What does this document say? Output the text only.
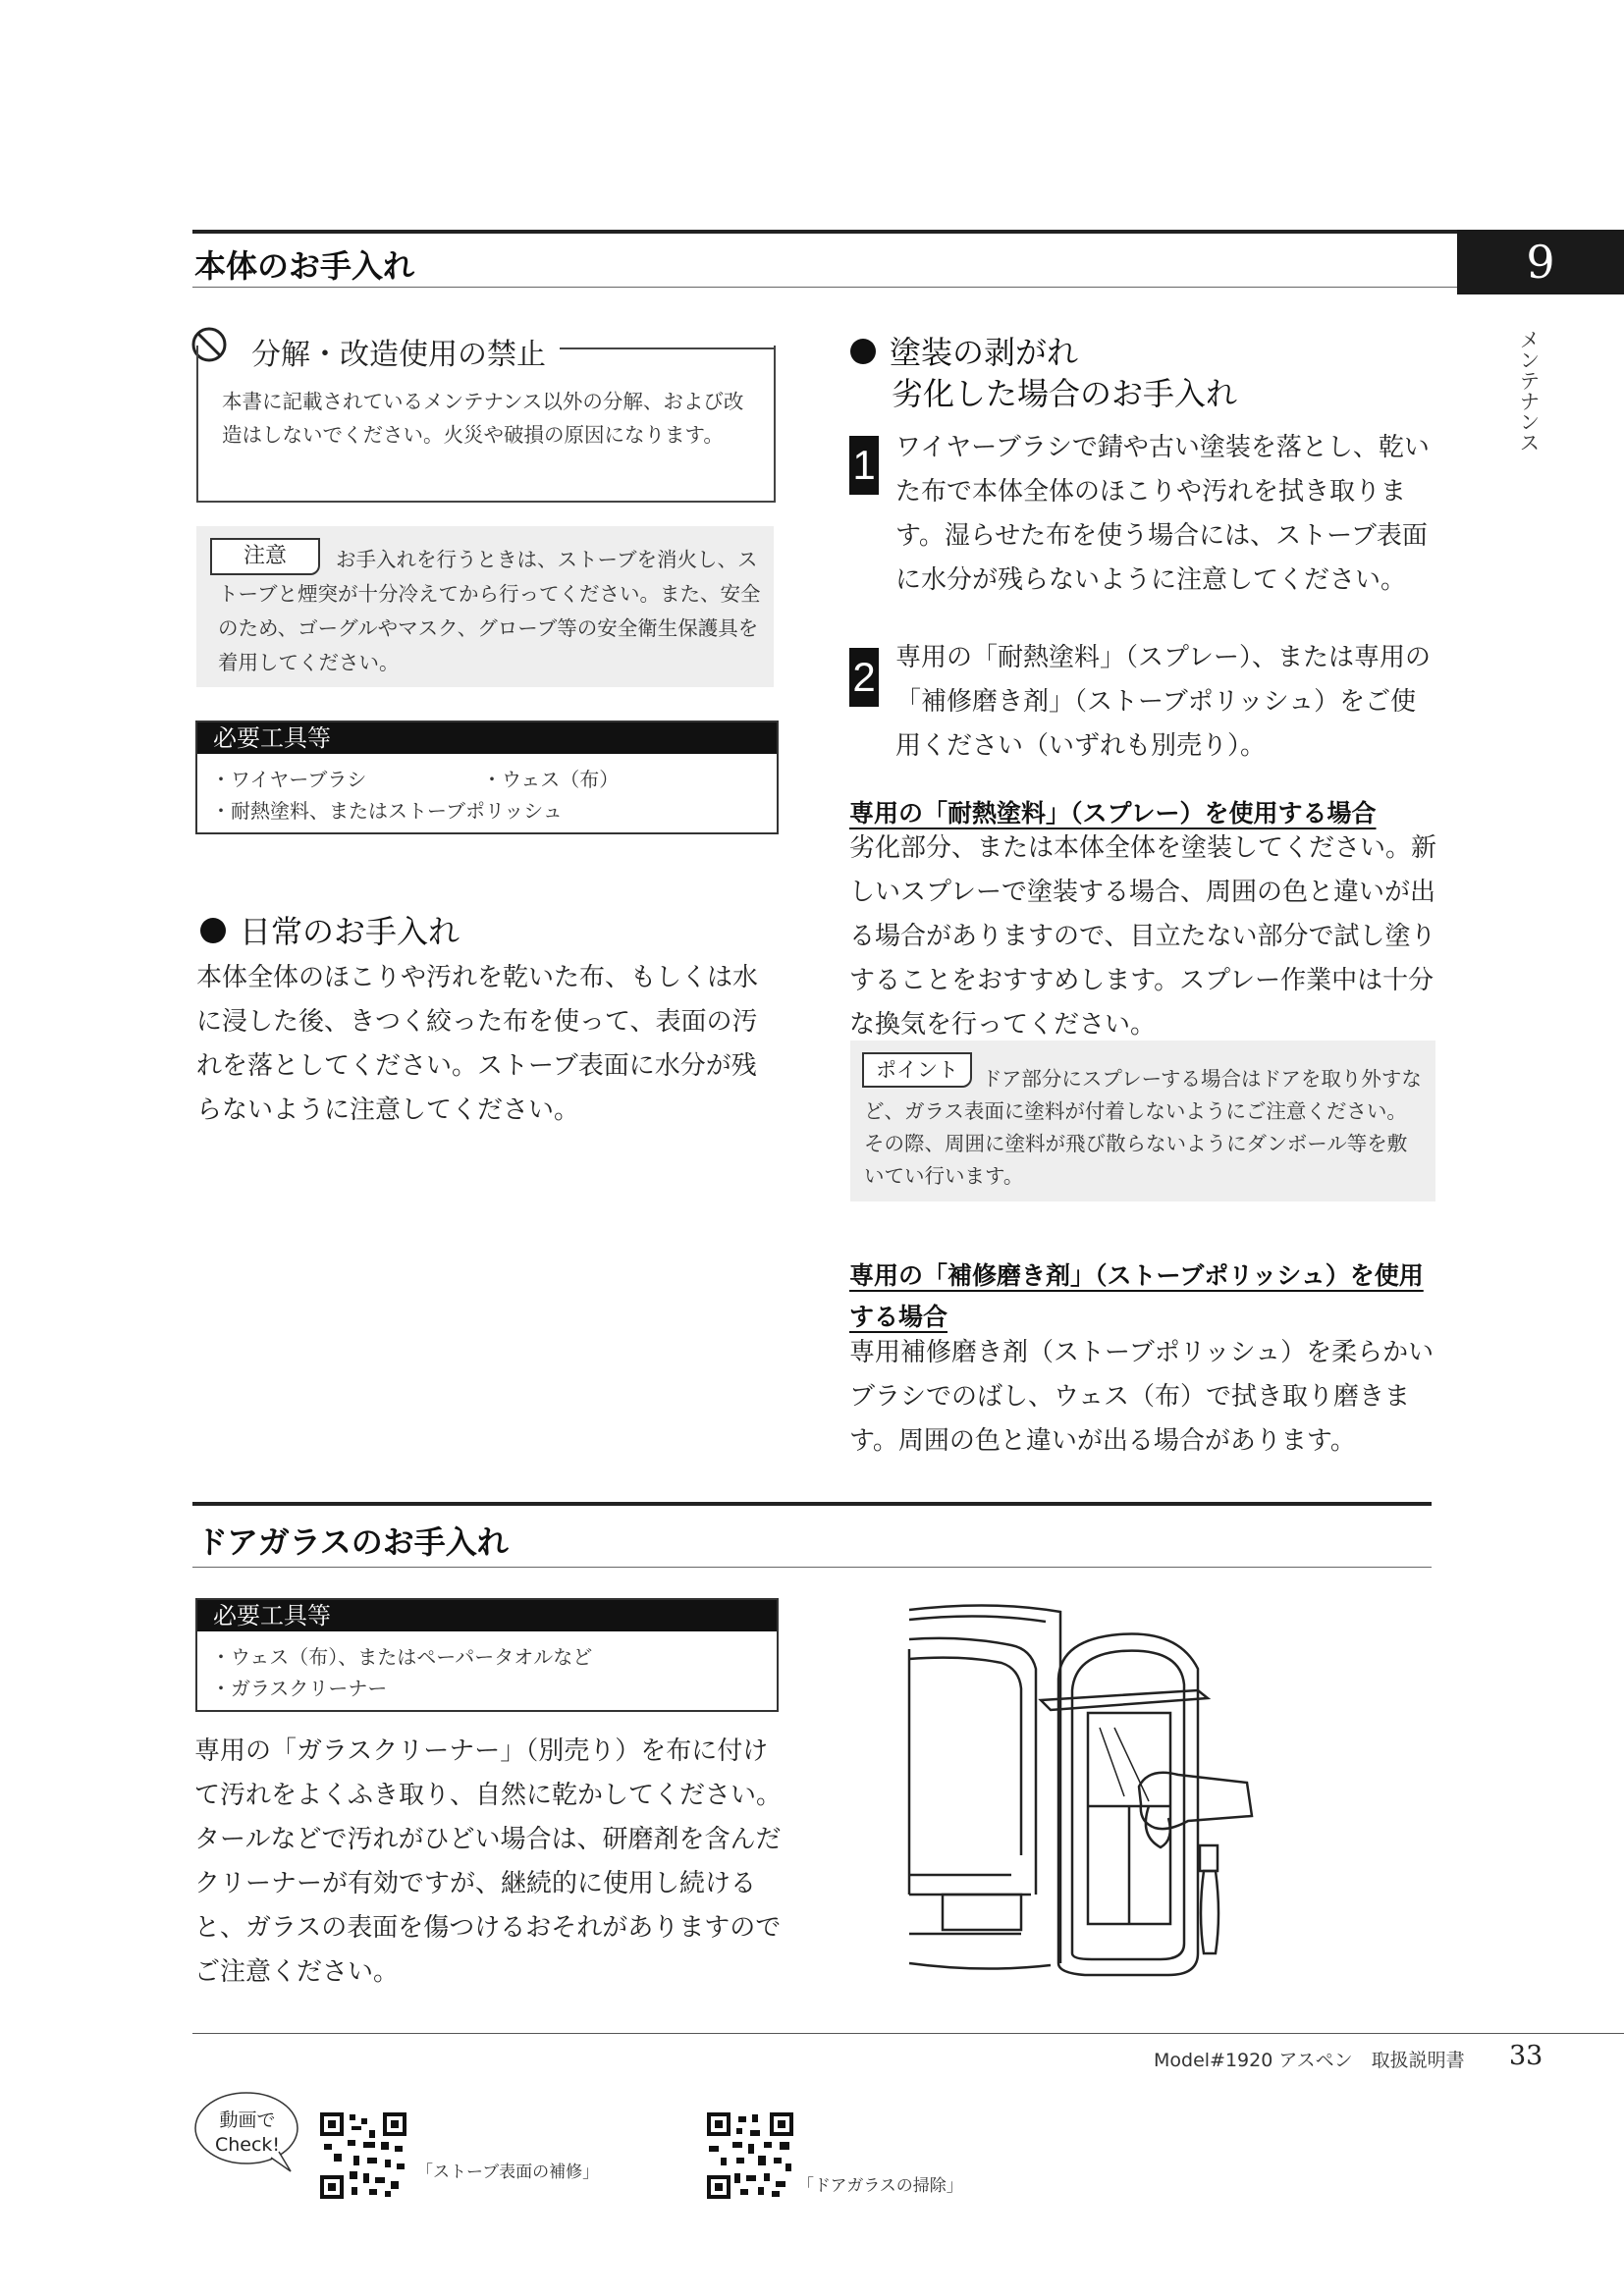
9
メンテナンス
本体のお手入れ
分解・改造使用の禁止
本書に記載されているメンテナンス以外の分解、および改造はしないでください。火災や破損の原因になります。
注意	お手入れを行うときは、ストーブを消火し、ストーブと煙突が十分冷えてから行ってください。また、安全のため、ゴーグルやマスク、グローブ等の安全衛生保護具を着用してください。
必要工具等
・ワイヤーブラシ	・ウェス（布）
・耐熱塗料、またはストーブポリッシュ
日常のお手入れ
本体全体のほこりや汚れを乾いた布、もしくは水に浸した後、きつく絞った布を使って、表面の汚れを落としてください。ストーブ表面に水分が残らないように注意してください。
塗装の剥がれ
劣化した場合のお手入れ
1 ワイヤーブラシで錆や古い塗装を落とし、乾いた布で本体全体のほこりや汚れを拭き取ります。湿らせた布を使う場合には、ストーブ表面に水分が残らないように注意してください。
2 専用の「耐熱塗料」（スプレー）、または専用の「補修磨き剤」（ストーブポリッシュ）をご使用ください（いずれも別売り）。
専用の「耐熱塗料」（スプレー）を使用する場合
劣化部分、または本体全体を塗装してください。新しいスプレーで塗装する場合、周囲の色と違いが出る場合がありますので、目立たない部分で試し塗りすることをおすすめします。スプレー作業中は十分な換気を行ってください。
ポイント	ドア部分にスプレーする場合はドアを取り外すなど、ガラス表面に塗料が付着しないようにご注意ください。その際、周囲に塗料が飛び散らないようにダンボール等を敷いてい行います。
専用の「補修磨き剤」（ストーブポリッシュ）を使用
する場合
専用補修磨き剤（ストーブポリッシュ）を柔らかいブラシでのばし、ウェス（布）で拭き取り磨きます。周囲の色と違いが出る場合があります。
ドアガラスのお手入れ
必要工具等
・ウェス（布）、またはペーパータオルなど
・ガラスクリーナー
専用の「ガラスクリーナー」（別売り）を布に付けて汚れをよくふき取り、自然に乾かしてください。タールなどで汚れがひどい場合は、研磨剤を含んだクリーナーが有効ですが、継続的に使用し続けると、ガラスの表面を傷つけるおそれがありますのでご注意ください。
Model#1920 アスペン　取扱説明書 33
動画で
Check!
「ストーブ表面の補修」
「ドアガラスの掃除」
